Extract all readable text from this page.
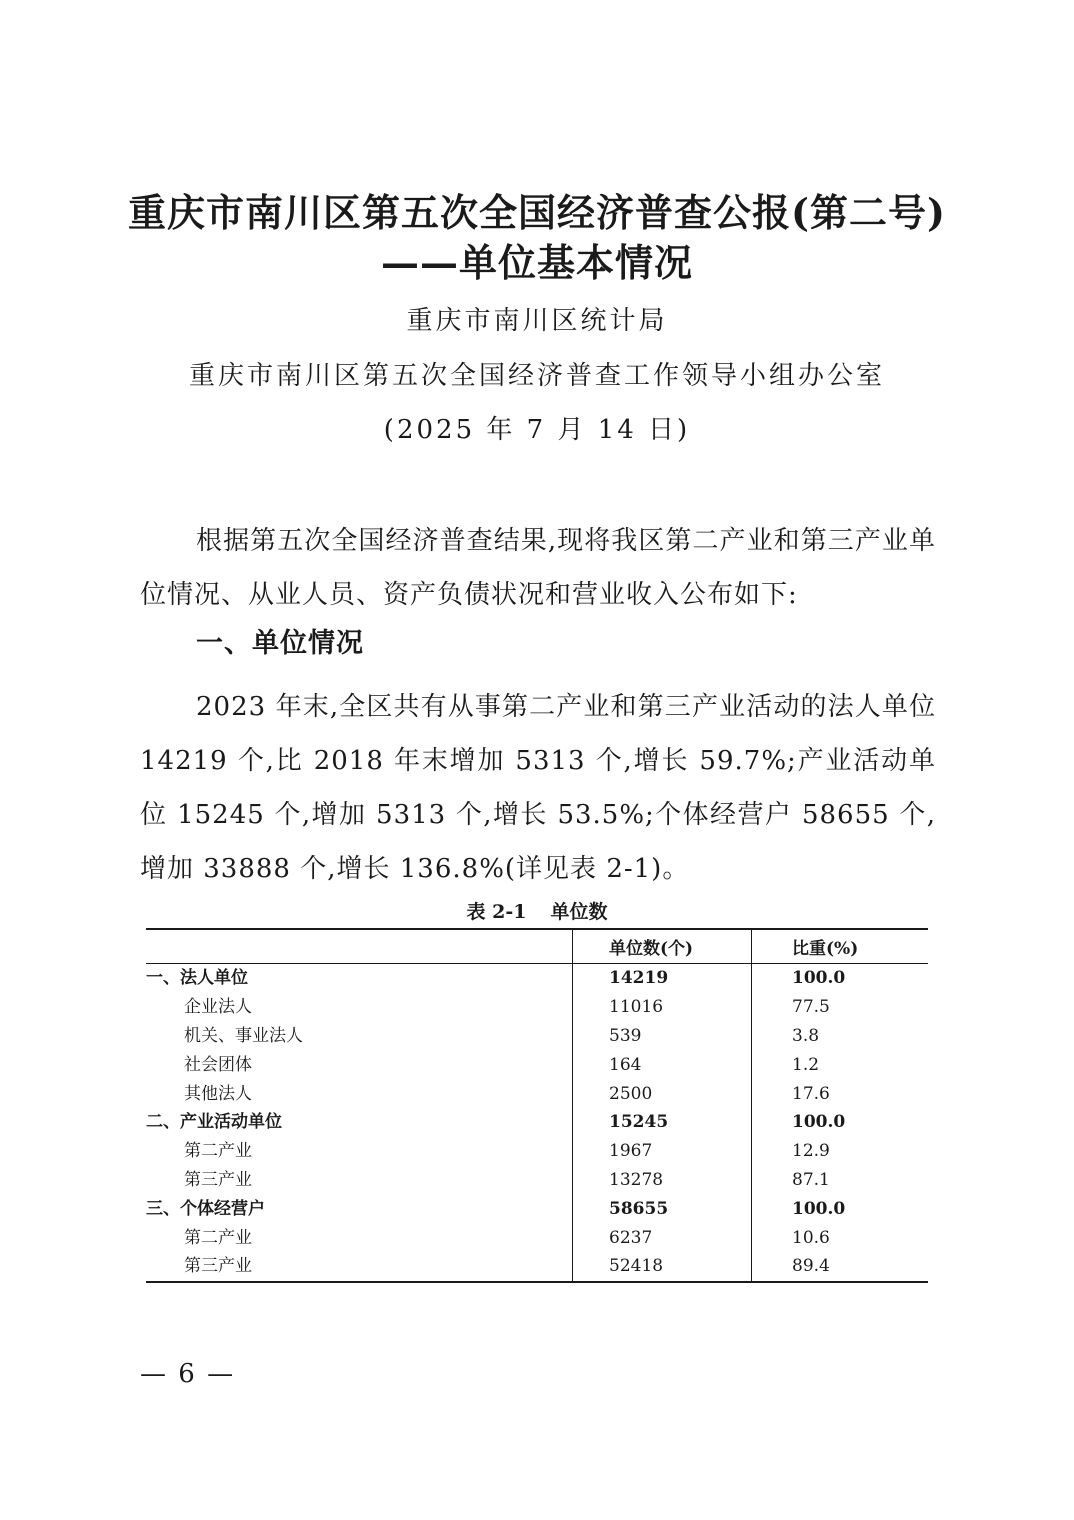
重庆市南川区第五次全国经济普查公报(第二号)
——单位基本情况
重庆市南川区统计局
重庆市南川区第五次全国经济普查工作领导小组办公室
(2025 年 7 月 14 日)
根据第五次全国经济普查结果,现将我区第二产业和第三产业单位情况、从业人员、资产负债状况和营业收入公布如下:
一、单位情况
2023 年末,全区共有从事第二产业和第三产业活动的法人单位 14219 个,比 2018 年末增加 5313 个,增长 59.7%;产业活动单位 15245 个,增加 5313 个,增长 53.5%;个体经营户 58655 个,增加 33888 个,增长 136.8%(详见表 2-1)。
表 2-1 单位数
	单位数(个)	比重(%)
一、法人单位	14219	100.0
企业法人	11016	77.5
机关、事业法人	539	3.8
社会团体	164	1.2
其他法人	2500	17.6
二、产业活动单位	15245	100.0
第二产业	1967	12.9
第三产业	13278	87.1
三、个体经营户	58655	100.0
第二产业	6237	10.6
第三产业	52418	89.4
— 6 —
